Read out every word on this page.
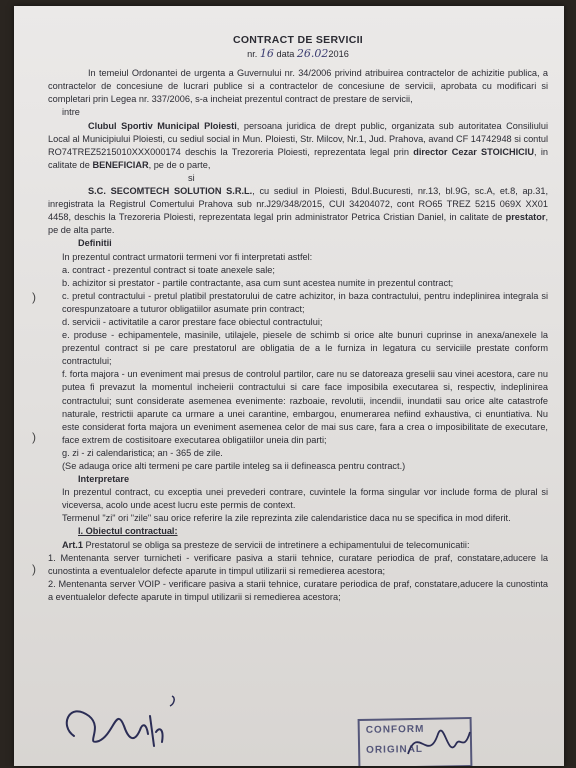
)
)
)
CONTRACT DE SERVICII
nr. 16 data 26.022016
In temeiul Ordonantei de urgenta a Guvernului nr. 34/2006 privind atribuirea contractelor de achizitie publica, a contractelor de concesiune de lucrari publice si a contractelor de concesiune de servicii, aprobata cu modificari si completari prin Legea nr. 337/2006, s-a incheiat prezentul contract de prestare de servicii,
intre
Clubul Sportiv Municipal Ploiesti, persoana juridica de drept public, organizata sub autoritatea Consiliului Local al Municipiului Ploiesti, cu sediul social in Mun. Ploiesti, Str. Milcov, Nr.1, Jud. Prahova, avand CF 14742948 si contul RO74TREZ5215010XXX000174 deschis la Trezoreria Ploiesti, reprezentata legal prin director Cezar STOICHICIU, in calitate de BENEFICIAR, pe de o parte,
si
S.C. SECOMTECH SOLUTION S.R.L., cu sediul in Ploiesti, Bdul.Bucuresti, nr.13, bl.9G, sc.A, et.8, ap.31, inregistrata la Registrul Comertului Prahova sub nr.J29/348/2015, CUI 34204072, cont RO65 TREZ 5215 069X XX01 4458, deschis la Trezoreria Ploiesti, reprezentata legal prin administrator Petrica Cristian Daniel, in calitate de prestator, pe de alta parte.
Definitii
In prezentul contract urmatorii termeni vor fi interpretati astfel:
a. contract - prezentul contract si toate anexele sale;
b. achizitor si prestator - partile contractante, asa cum sunt acestea numite in prezentul contract;
c. pretul contractului - pretul platibil prestatorului de catre achizitor, in baza contractului, pentru indeplinirea integrala si corespunzatoare a tuturor obligatiilor asumate prin contract;
d. servicii - activitatile a caror prestare face obiectul contractului;
e. produse - echipamentele, masinile, utilajele, piesele de schimb si orice alte bunuri cuprinse in anexa/anexele la prezentul contract si pe care prestatorul are obligatia de a le furniza in legatura cu serviciile prestate conform contractului;
f. forta majora - un eveniment mai presus de controlul partilor, care nu se datoreaza greselii sau vinei acestora, care nu putea fi prevazut la momentul incheierii contractului si care face imposibila executarea si, respectiv, indeplinirea contractului; sunt considerate asemenea evenimente: razboaie, revolutii, incendii, inundatii sau orice alte catastrofe naturale, restrictii aparute ca urmare a unei carantine, embargou, enumerarea nefiind exhaustiva, ci enuntiativa. Nu este considerat forta majora un eveniment asemenea celor de mai sus care, fara a crea o imposibilitate de executare, face extrem de costisitoare executarea obligatiilor uneia din parti;
g. zi - zi calendaristica; an - 365 de zile.
(Se adauga orice alti termeni pe care partile inteleg sa ii defineasca pentru contract.)
Interpretare
In prezentul contract, cu exceptia unei prevederi contrare, cuvintele la forma singular vor include forma de plural si viceversa, acolo unde acest lucru este permis de context.
Termenul "zi" ori "zile" sau orice referire la zile reprezinta zile calendaristice daca nu se specifica in mod diferit.
I. Obiectul contractual:
Art.1 Prestatorul se obliga sa presteze de servicii de intretinere a echipamentului de telecomunicatii:
1. Mentenanta server turnicheti - verificare pasiva a starii tehnice, curatare periodica de praf, constatare,aducere la cunostinta a eventualelor defecte aparute in timpul utilizarii si remedierea acestora;
2. Mentenanta server VOIP - verificare pasiva a starii tehnice, curatare periodica de praf, constatare,aducere la cunostinta a eventualelor defecte aparute in timpul utilizarii si remedierea acestora;
CONFORM
ORIGINAL
